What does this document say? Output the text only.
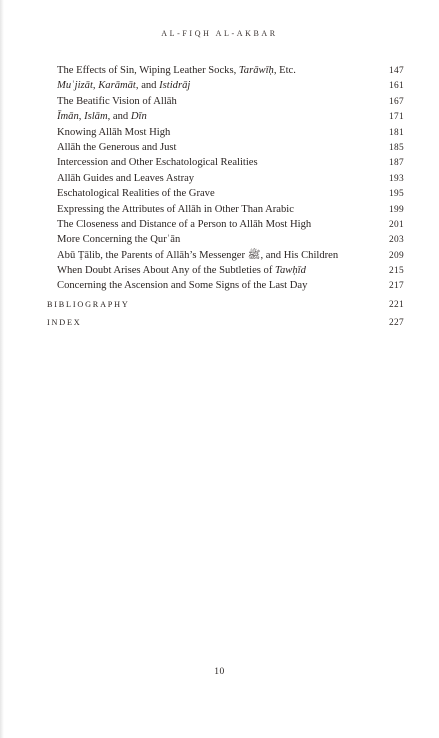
AL-FIQH AL-AKBAR
The Effects of Sin, Wiping Leather Socks, Tarāwīḥ, Etc.	147
Muʿjizāt, Karāmāt, and Istidrāj	161
The Beatific Vision of Allāh	167
Īmān, Islām, and Dīn	171
Knowing Allāh Most High	181
Allāh the Generous and Just	185
Intercession and Other Eschatological Realities	187
Allāh Guides and Leaves Astray	193
Eschatological Realities of the Grave	195
Expressing the Attributes of Allāh in Other Than Arabic	199
The Closeness and Distance of a Person to Allāh Most High	201
More Concerning the Qurʾān	203
Abū Ṭālib, the Parents of Allāh’s Messenger ﷺ, and His Children	209
When Doubt Arises About Any of the Subtleties of Tawḥīd	215
Concerning the Ascension and Some Signs of the Last Day	217
BIBLIOGRAPHY	221
INDEX	227
10
